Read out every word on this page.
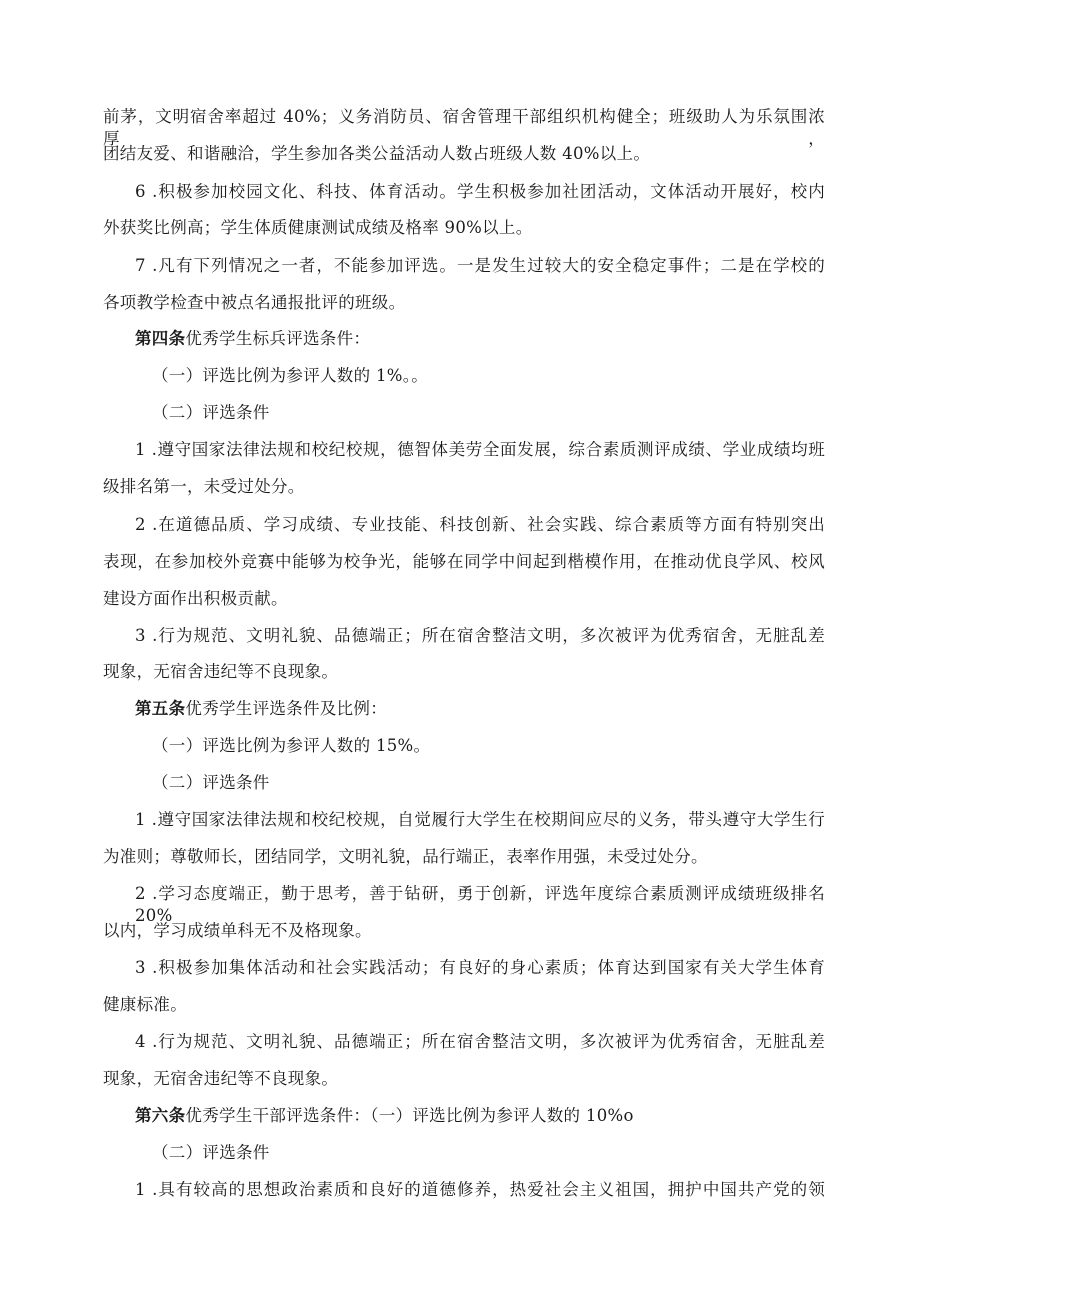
前茅，文明宿舍率超过 40%；义务消防员、宿舍管理干部组织机构健全；班级助人为乐氛围浓厚，
团结友爱、和谐融洽，学生参加各类公益活动人数占班级人数 40%以上。
6 .积极参加校园文化、科技、体育活动。学生积极参加社团活动，文体活动开展好，校内
外获奖比例高；学生体质健康测试成绩及格率 90%以上。
7 .凡有下列情况之一者，不能参加评选。一是发生过较大的安全稳定事件；二是在学校的
各项教学检查中被点名通报批评的班级。
第四条优秀学生标兵评选条件：
（一）评选比例为参评人数的 1%。。
（二）评选条件
1 .遵守国家法律法规和校纪校规，德智体美劳全面发展，综合素质测评成绩、学业成绩均班
级排名第一，未受过处分。
2 .在道德品质、学习成绩、专业技能、科技创新、社会实践、综合素质等方面有特别突出
表现，在参加校外竞赛中能够为校争光，能够在同学中间起到楷模作用，在推动优良学风、校风
建设方面作出积极贡献。
3 .行为规范、文明礼貌、品德端正；所在宿舍整洁文明，多次被评为优秀宿舍，无脏乱差
现象，无宿舍违纪等不良现象。
第五条优秀学生评选条件及比例：
（一）评选比例为参评人数的 15%。
（二）评选条件
1 .遵守国家法律法规和校纪校规，自觉履行大学生在校期间应尽的义务，带头遵守大学生行
为准则；尊敬师长，团结同学，文明礼貌，品行端正，表率作用强，未受过处分。
2 .学习态度端正，勤于思考，善于钻研，勇于创新，评选年度综合素质测评成绩班级排名 20%
以内，学习成绩单科无不及格现象。
3 .积极参加集体活动和社会实践活动；有良好的身心素质；体育达到国家有关大学生体育
健康标准。
4 .行为规范、文明礼貌、品德端正；所在宿舍整洁文明，多次被评为优秀宿舍，无脏乱差
现象，无宿舍违纪等不良现象。
第六条优秀学生干部评选条件：（一）评选比例为参评人数的 10%o
（二）评选条件
1 .具有较高的思想政治素质和良好的道德修养，热爱社会主义祖国，拥护中国共产党的领
